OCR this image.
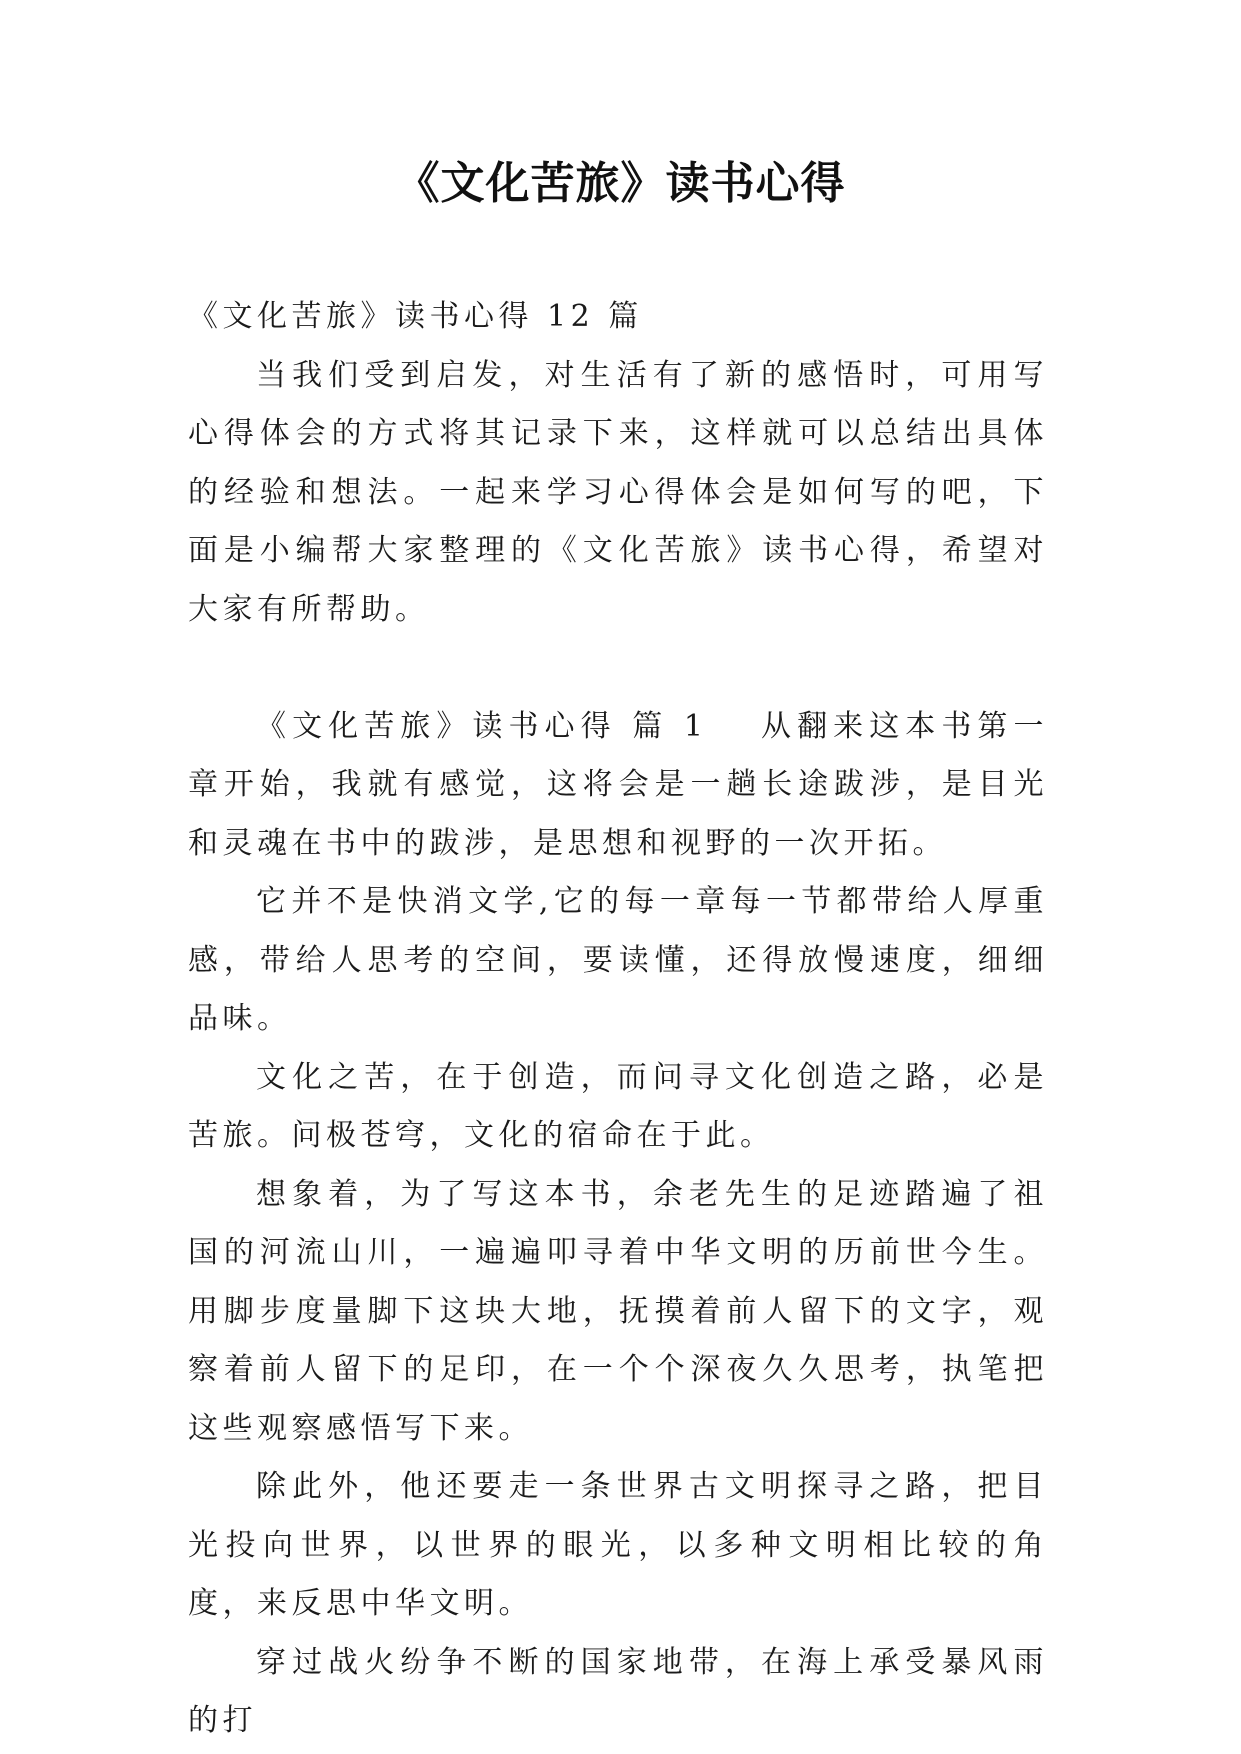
《文化苦旅》读书心得

《文化苦旅》读书心得 12 篇

当我们受到启发，对生活有了新的感悟时，可用写心得体会的方式将其记录下来，这样就可以总结出具体的经验和想法。一起来学习心得体会是如何写的吧，下面是小编帮大家整理的《文化苦旅》读书心得，希望对大家有所帮助。

《文化苦旅》读书心得 篇 1 从翻来这本书第一章开始，我就有感觉，这将会是一趟长途跋涉，是目光和灵魂在书中的跋涉，是思想和视野的一次开拓。

它并不是快消文学,它的每一章每一节都带给人厚重感，带给人思考的空间，要读懂，还得放慢速度，细细品味。

文化之苦，在于创造，而问寻文化创造之路，必是苦旅。问极苍穹，文化的宿命在于此。

想象着，为了写这本书，余老先生的足迹踏遍了祖国的河流山川，一遍遍叩寻着中华文明的历前世今生。用脚步度量脚下这块大地，抚摸着前人留下的文字，观察着前人留下的足印，在一个个深夜久久思考，执笔把这些观察感悟写下来。

除此外，他还要走一条世界古文明探寻之路，把目光投向世界，以世界的眼光，以多种文明相比较的角度，来反思中华文明。

穿过战火纷争不断的国家地带，在海上承受暴风雨的打
